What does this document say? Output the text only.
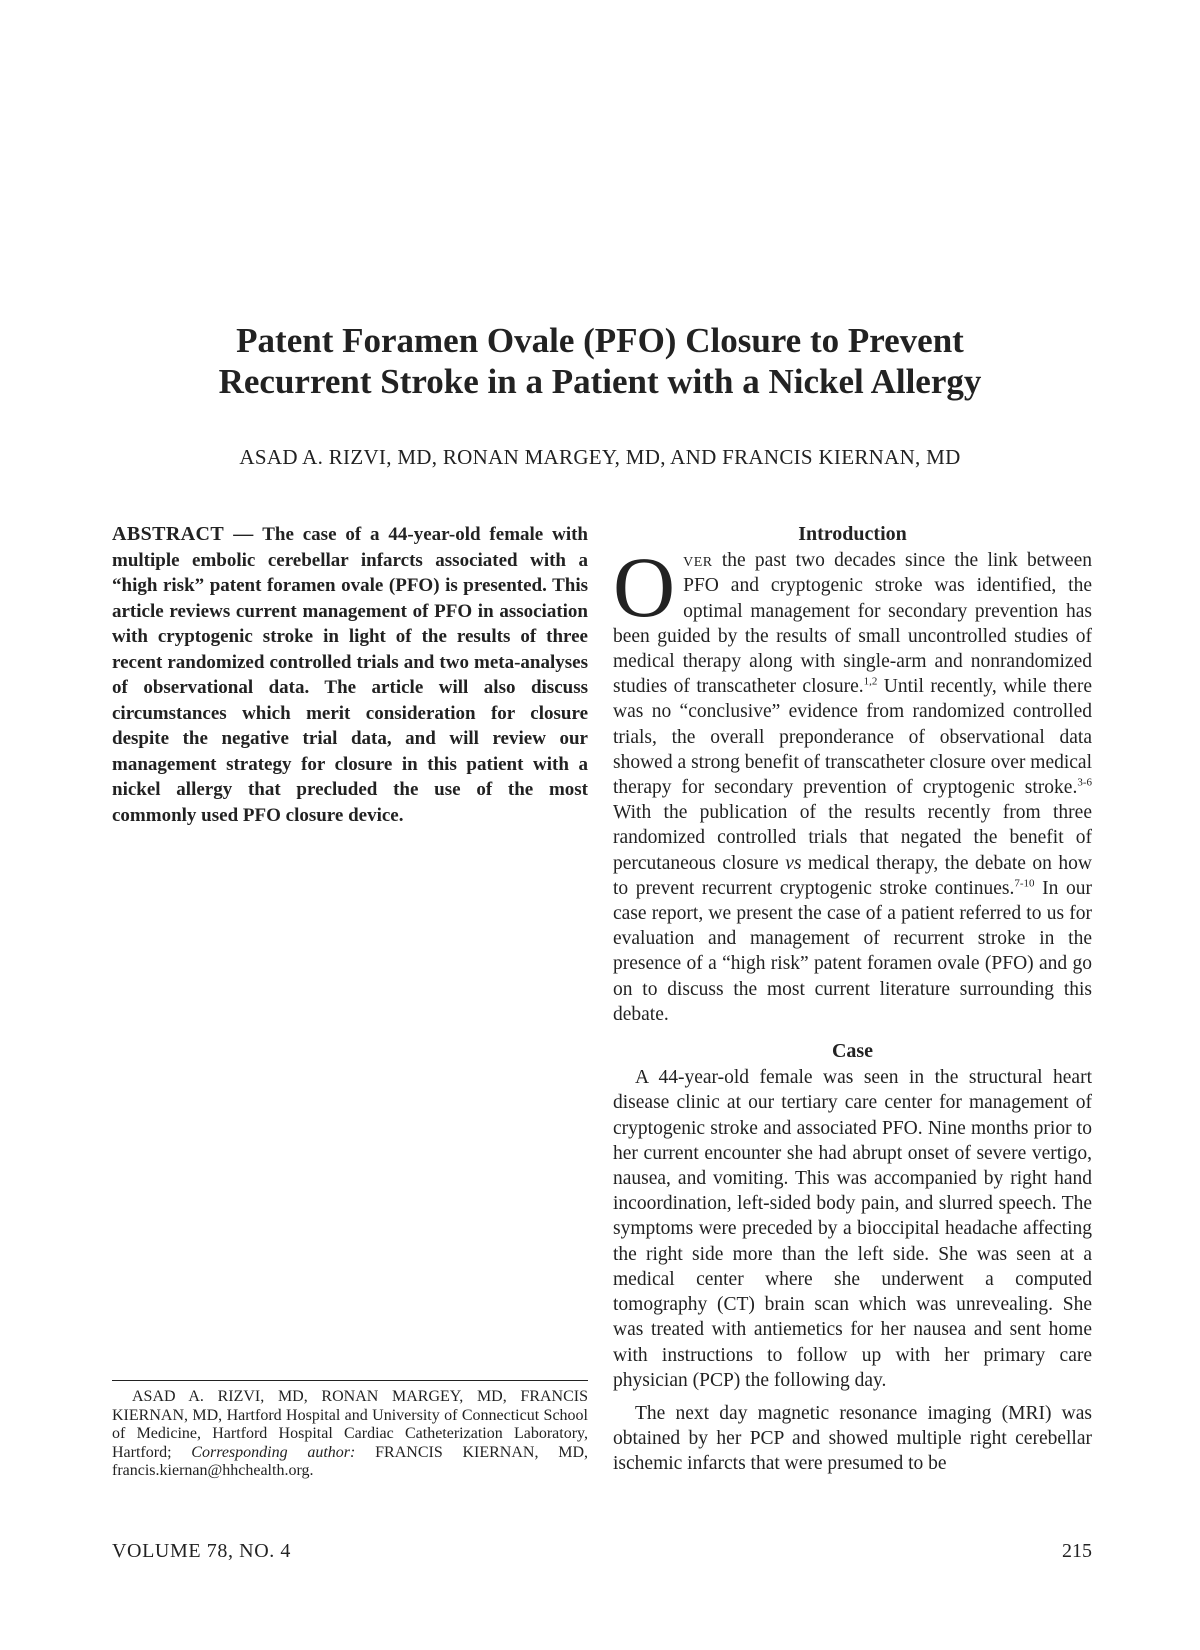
Patent Foramen Ovale (PFO) Closure to Prevent
Recurrent Stroke in a Patient with a Nickel Allergy
ASAD A. RIZVI, MD, RONAN MARGEY, MD, AND FRANCIS KIERNAN, MD
ABSTRACT — The case of a 44-year-old female with multiple embolic cerebellar infarcts associated with a “high risk” patent foramen ovale (PFO) is presented. This article reviews current management of PFO in association with cryptogenic stroke in light of the results of three recent randomized controlled trials and two meta-analyses of observational data. The article will also discuss circumstances which merit consideration for closure despite the negative trial data, and will review our management strategy for closure in this patient with a nickel allergy that precluded the use of the most commonly used PFO closure device.
ASAD A. RIZVI, MD, RONAN MARGEY, MD, FRANCIS KIERNAN, MD, Hartford Hospital and University of Connecticut School of Medicine, Hartford Hospital Cardiac Catheterization Laboratory, Hartford; Corresponding author: FRANCIS KIERNAN, MD, francis.kiernan@hhchealth.org.
Introduction

Over the past two decades since the link between PFO and cryptogenic stroke was identified, the optimal management for secondary prevention has been guided by the results of small uncontrolled studies of medical therapy along with single-arm and nonrandomized studies of transcatheter closure.$^{1,2}$ Until recently, while there was no “conclusive” evidence from randomized controlled trials, the overall preponderance of observational data showed a strong benefit of transcatheter closure over medical therapy for secondary prevention of cryptogenic stroke.$^{3-6}$ With the publication of the results recently from three randomized controlled trials that negated the benefit of percutaneous closure vs medical therapy, the debate on how to prevent recurrent cryptogenic stroke continues.$^{7-10}$ In our case report, we present the case of a patient referred to us for evaluation and management of recurrent stroke in the presence of a “high risk” patent foramen ovale (PFO) and go on to discuss the most current literature surrounding this debate.

Case

A 44-year-old female was seen in the structural heart disease clinic at our tertiary care center for management of cryptogenic stroke and associated PFO. Nine months prior to her current encounter she had abrupt onset of severe vertigo, nausea, and vomiting. This was accompanied by right hand incoordination, left-sided body pain, and slurred speech. The symptoms were preceded by a bioccipital headache affecting the right side more than the left side. She was seen at a medical center where she underwent a computed tomography (CT) brain scan which was unrevealing. She was treated with antiemetics for her nausea and sent home with instructions to follow up with her primary care physician (PCP) the following day.

The next day magnetic resonance imaging (MRI) was obtained by her PCP and showed multiple right cerebellar ischemic infarcts that were presumed to be

VOLUME 78, NO. 4	215
